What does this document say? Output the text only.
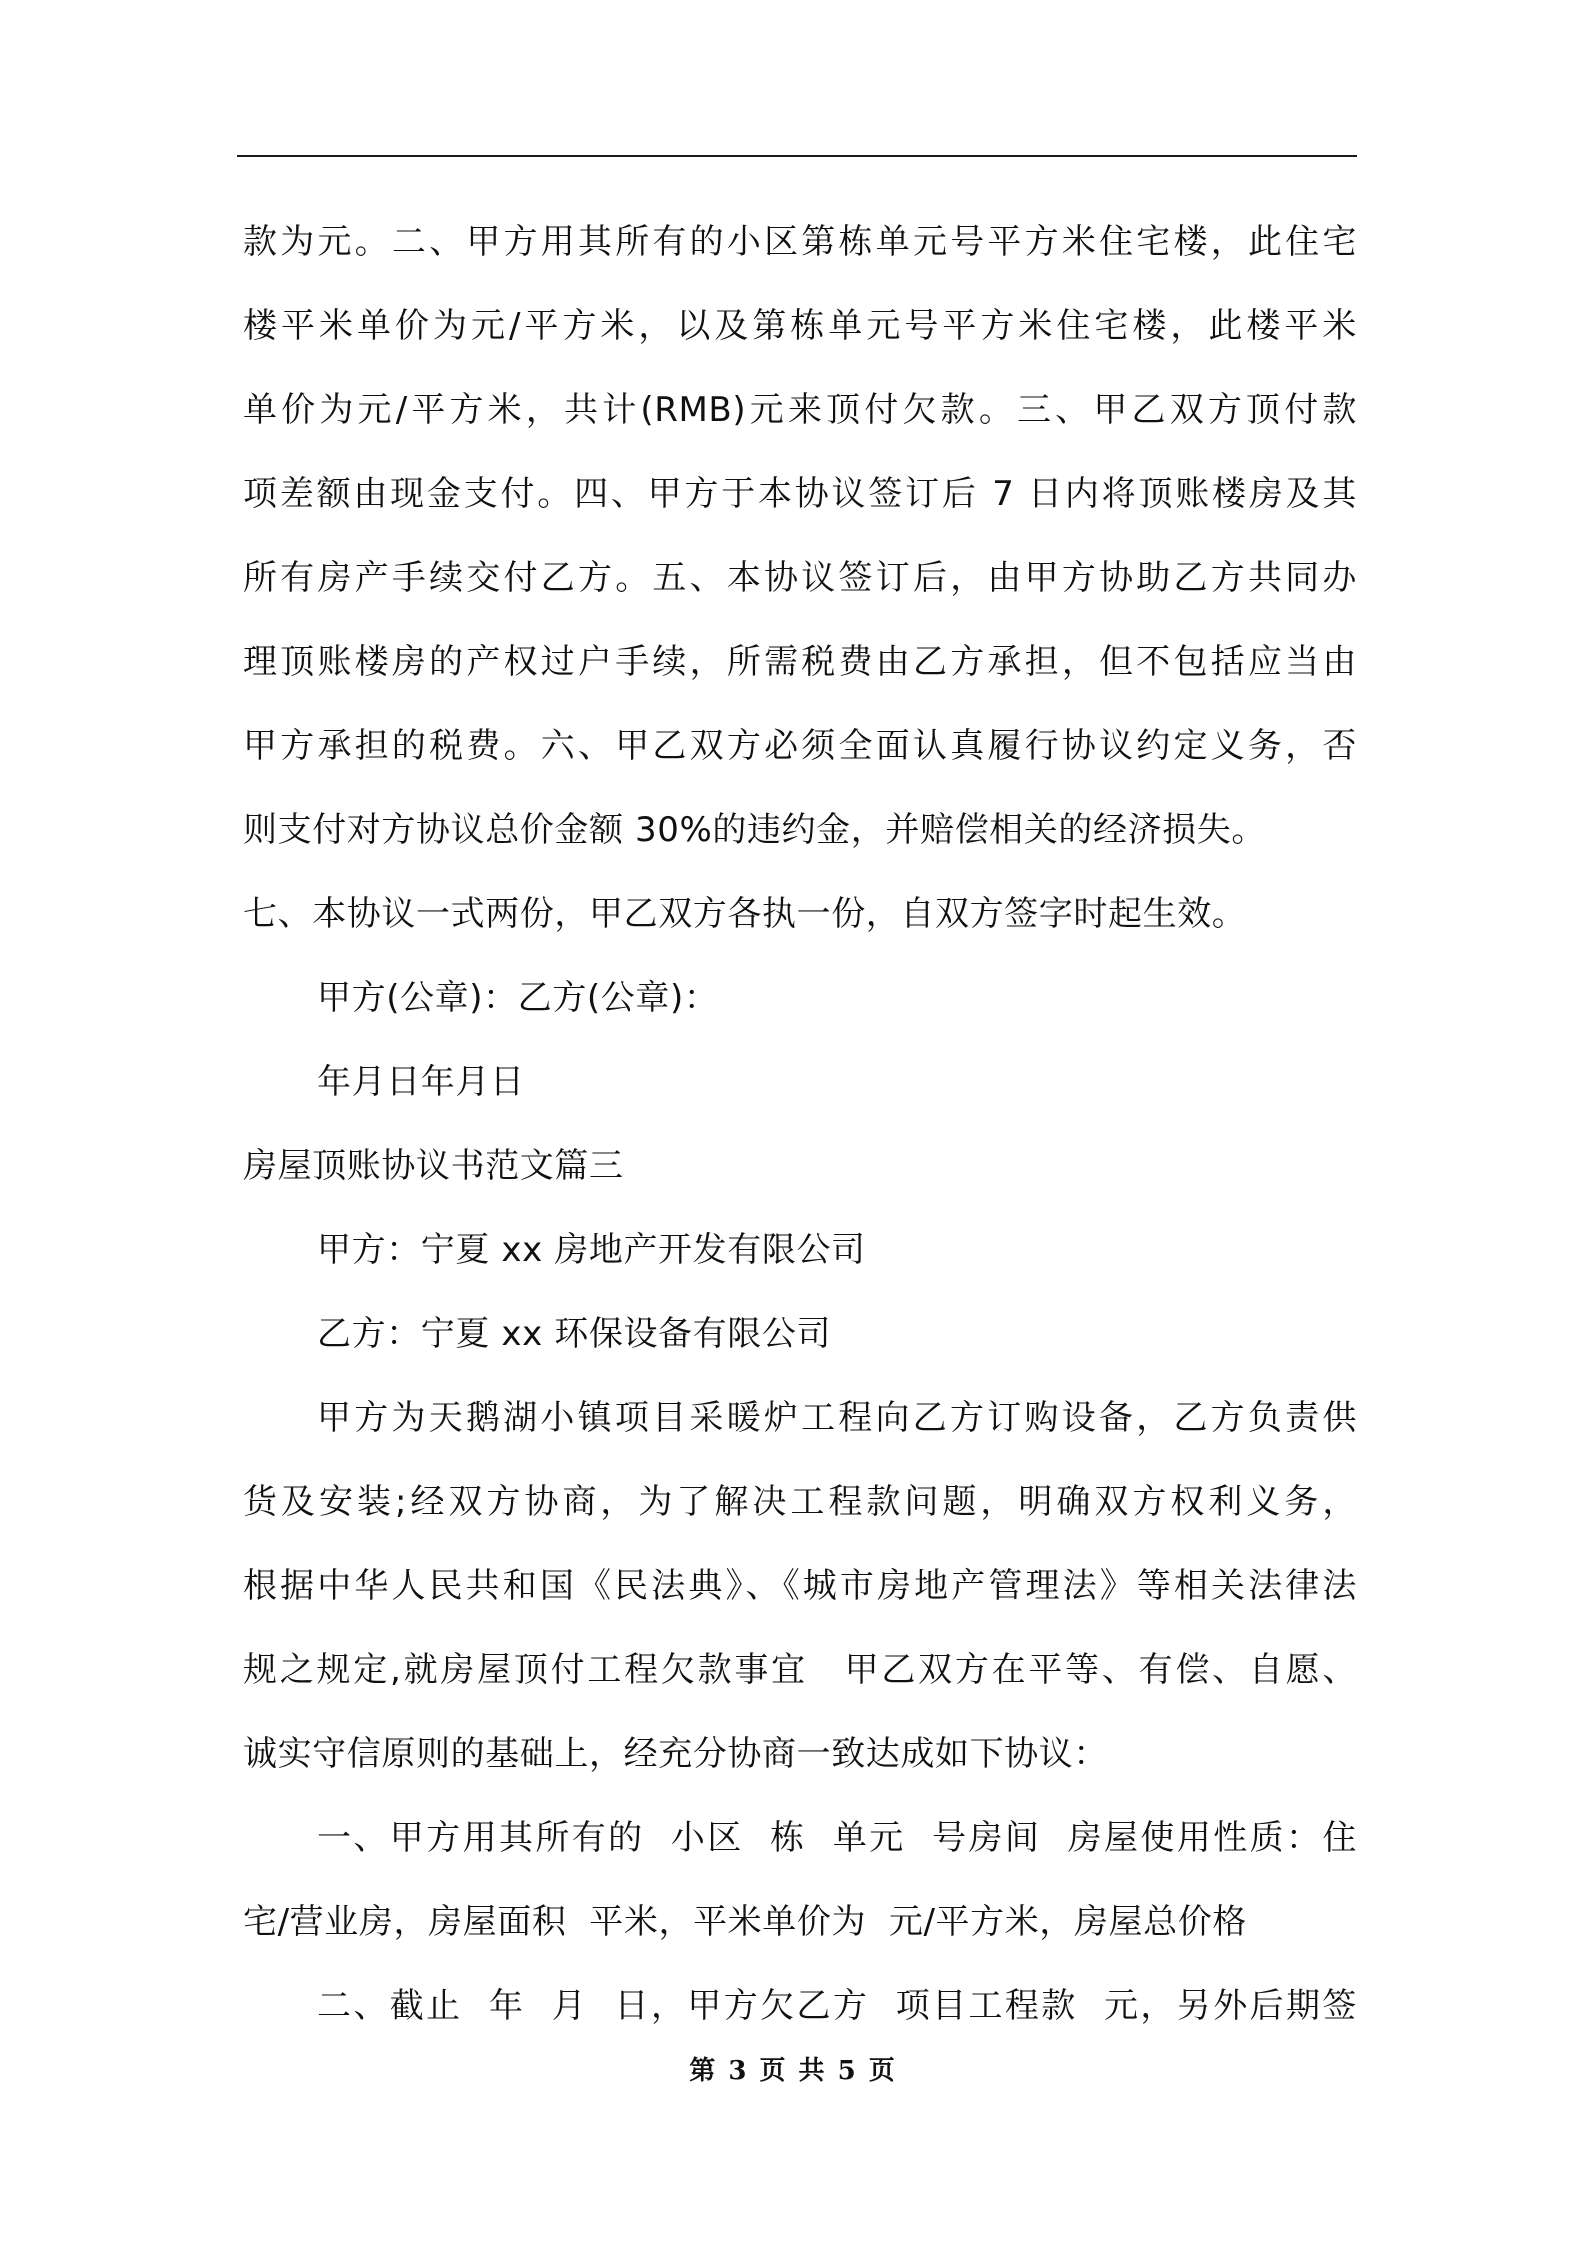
款为元。二、甲方用其所有的小区第栋单元号平方米住宅楼，此住宅
楼平米单价为元/平方米，以及第栋单元号平方米住宅楼，此楼平米
单价为元/平方米，共计(RMB)元来顶付欠款。三、甲乙双方顶付款
项差额由现金支付。四、甲方于本协议签订后 7 日内将顶账楼房及其
所有房产手续交付乙方。五、本协议签订后，由甲方协助乙方共同办
理顶账楼房的产权过户手续，所需税费由乙方承担，但不包括应当由
甲方承担的税费。六、甲乙双方必须全面认真履行协议约定义务，否
则支付对方协议总价金额 30%的违约金，并赔偿相关的经济损失。
七、本协议一式两份，甲乙双方各执一份，自双方签字时起生效。
甲方(公章)：乙方(公章)：
年月日年月日
房屋顶账协议书范文篇三
甲方：宁夏 xx 房地产开发有限公司
乙方：宁夏 xx 环保设备有限公司
甲方为天鹅湖小镇项目采暖炉工程向乙方订购设备，乙方负责供
货及安装;经双方协商，为了解决工程款问题，明确双方权利义务，
根据中华人民共和国《民法典》、《城市房地产管理法》等相关法律法
规之规定,就房屋顶付工程欠款事宜　甲乙双方在平等、有偿、自愿、
诚实守信原则的基础上，经充分协商一致达成如下协议：
一、甲方用其所有的  小区  栋  单元  号房间  房屋使用性质：住
宅/营业房，房屋面积  平米，平米单价为  元/平方米，房屋总价格
二、截止  年  月  日，甲方欠乙方  项目工程款  元，另外后期签
第 3 页 共 5 页
